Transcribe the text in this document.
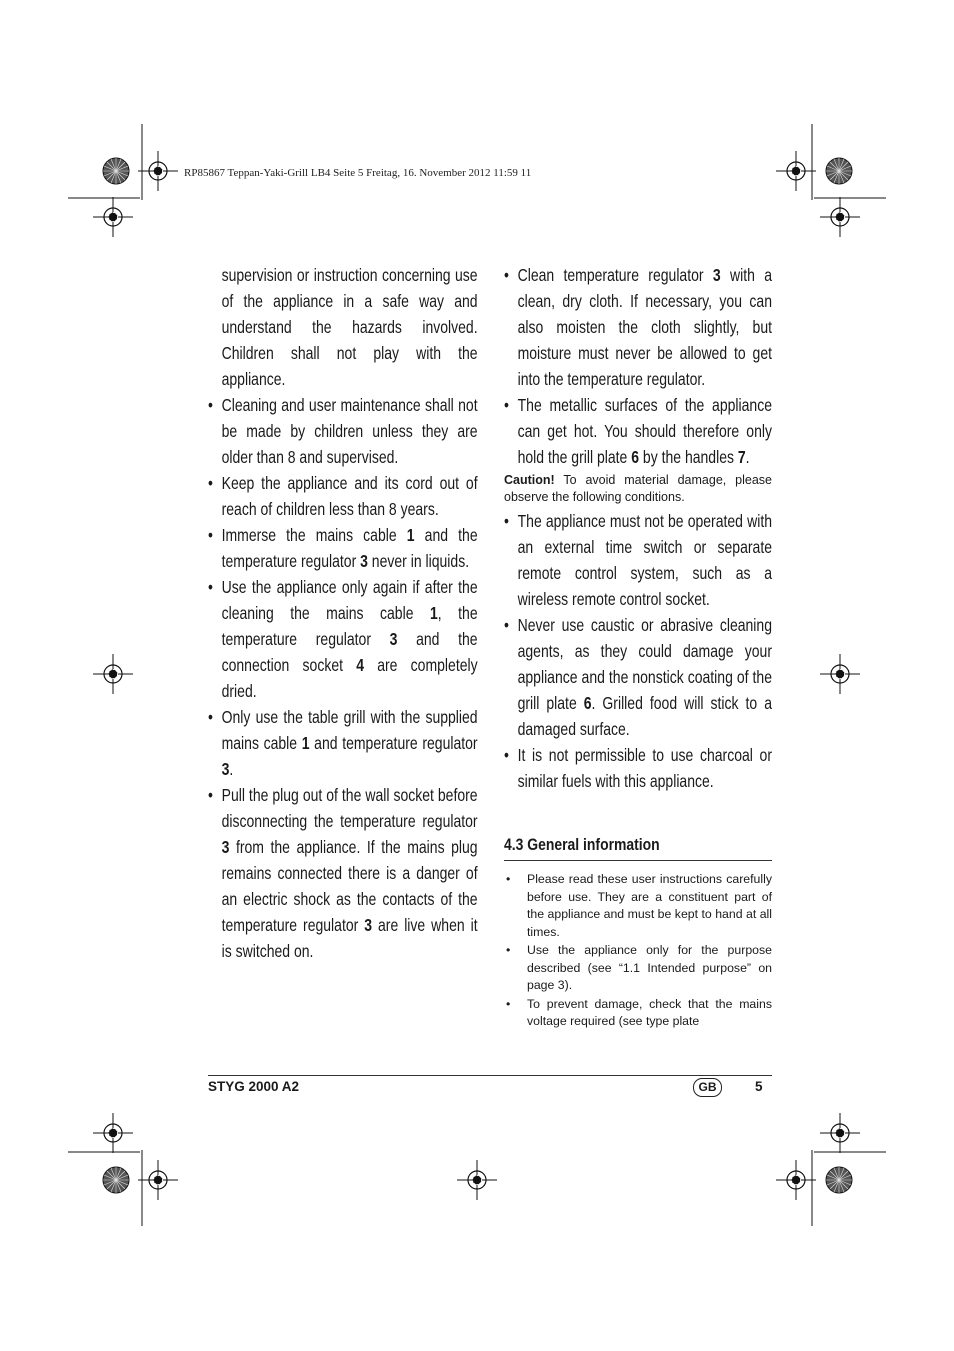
RP85867 Teppan-Yaki-Grill LB4 Seite 5 Freitag, 16. November 2012 11:59 11
supervision or instruction concerning use of the appliance in a safe way and understand the hazards involved. Children shall not play with the appliance.
• Cleaning and user maintenance shall not be made by children unless they are older than 8 and supervised.
• Keep the appliance and its cord out of reach of children less than 8 years.
• Immerse the mains cable 1 and the temperature regulator 3 never in liquids.
• Use the appliance only again if after the cleaning the mains cable 1, the temperature regulator 3 and the connection socket 4 are completely dried.
• Only use the table grill with the supplied mains cable 1 and temperature regulator 3.
• Pull the plug out of the wall socket before disconnecting the temperature regulator 3 from the appliance. If the mains plug remains connected there is a danger of an electric shock as the contacts of the temperature regulator 3 are live when it is switched on.
• Clean temperature regulator 3 with a clean, dry cloth. If necessary, you can also moisten the cloth slightly, but moisture must never be allowed to get into the temperature regulator.
• The metallic surfaces of the appliance can get hot. You should therefore only hold the grill plate 6 by the handles 7.
Caution! To avoid material damage, please observe the following conditions.
• The appliance must not be operated with an external time switch or separate remote control system, such as a wireless remote control socket.
• Never use caustic or abrasive cleaning agents, as they could damage your appliance and the nonstick coating of the grill plate 6. Grilled food will stick to a damaged surface.
• It is not permissible to use charcoal or similar fuels with this appliance.
4.3 General information
• Please read these user instructions carefully before use. They are a constituent part of the appliance and must be kept to hand at all times.
• Use the appliance only for the purpose described (see “1.1 Intended purpose” on page 3).
• To prevent damage, check that the mains voltage required (see type plate
STYG 2000 A2	GB	5
